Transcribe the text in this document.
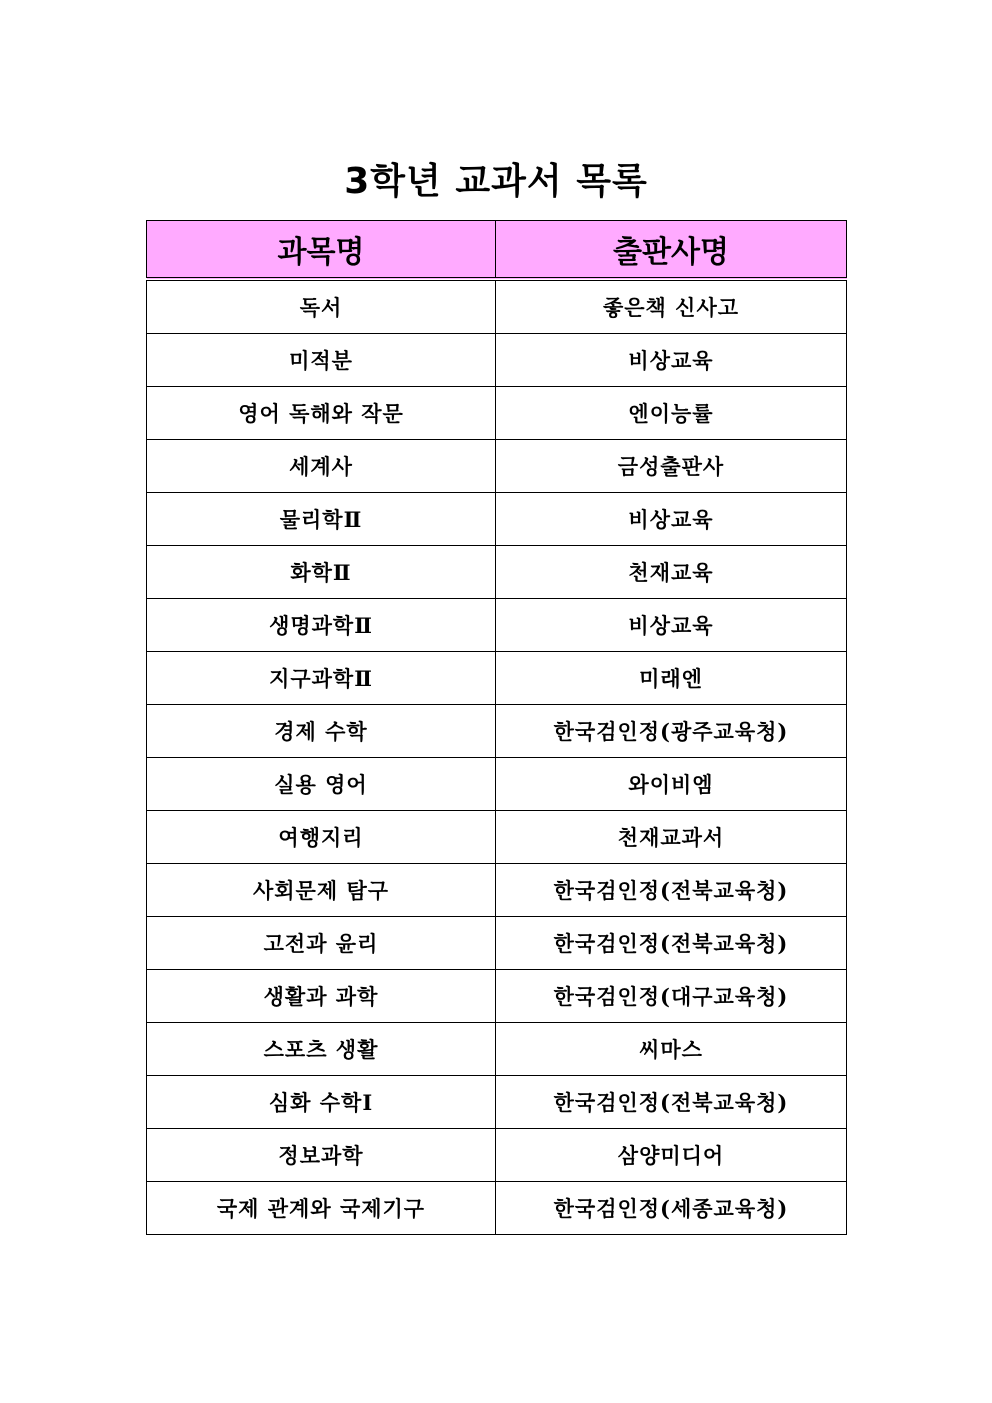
3학년 교과서 목록
과목명	출판사명
독서	좋은책 신사고
미적분	비상교육
영어 독해와 작문	엔이능률
세계사	금성출판사
물리학Ⅱ	비상교육
화학Ⅱ	천재교육
생명과학Ⅱ	비상교육
지구과학Ⅱ	미래엔
경제 수학	한국검인정(광주교육청)
실용 영어	와이비엠
여행지리	천재교과서
사회문제 탐구	한국검인정(전북교육청)
고전과 윤리	한국검인정(전북교육청)
생활과 과학	한국검인정(대구교육청)
스포츠 생활	씨마스
심화 수학Ⅰ	한국검인정(전북교육청)
정보과학	삼양미디어
국제 관계와 국제기구	한국검인정(세종교육청)
